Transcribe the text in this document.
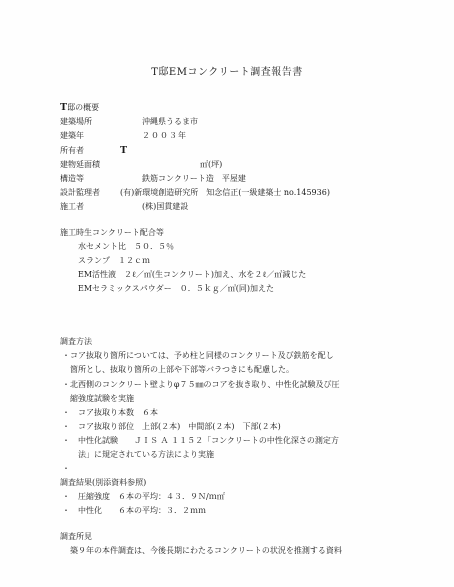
T邸EMコンクリート調査報告書
T邸の概要
建築場所	沖縄県うるま市
建築年	２００３年
所有者	T
建物延面積	㎡(坪)
構造等	鉄筋コンクリート造　平屋建
設計監理者	(有)新環境創造研究所　知念信正(一級建築士 no.145936)
施工者	(株)国貫建設
施工時生コンクリート配合等
水セメント比　５０．５％
スランプ　１２ｃｍ
EM活性液　２ℓ／㎥(生コンクリート)加え、水を２ℓ／㎥減じた
EMセラミックスパウダー　０．５ｋｇ／㎥(同)加えた
調査方法
・コア抜取り箇所については、予め柱と同様のコンクリート及び鉄筋を配し
　箇所とし、抜取り箇所の上部や下部等バラつきにも配慮した。
・北西側のコンクリート壁よりφ７５㎜のコアを抜き取り、中性化試験及び圧
　縮強度試験を実施
・　コア抜取り本数　６本
・　コア抜取り部位　上部(２本)　中間部(２本)　下部(２本)
・　中性化試験　　ＪＩＳ Ａ １１５２「コンクリートの中性化深さの測定方
　　法」に規定されている方法により実施
・
調査結果(別添資料参照)
・　圧縮強度　６本の平均：４３．９Ｎ/ｍ㎡
・　中性化　　６本の平均：３．２ｍｍ
調査所見
築９年の本件調査は、今後長期にわたるコンクリートの状況を推測する資料
